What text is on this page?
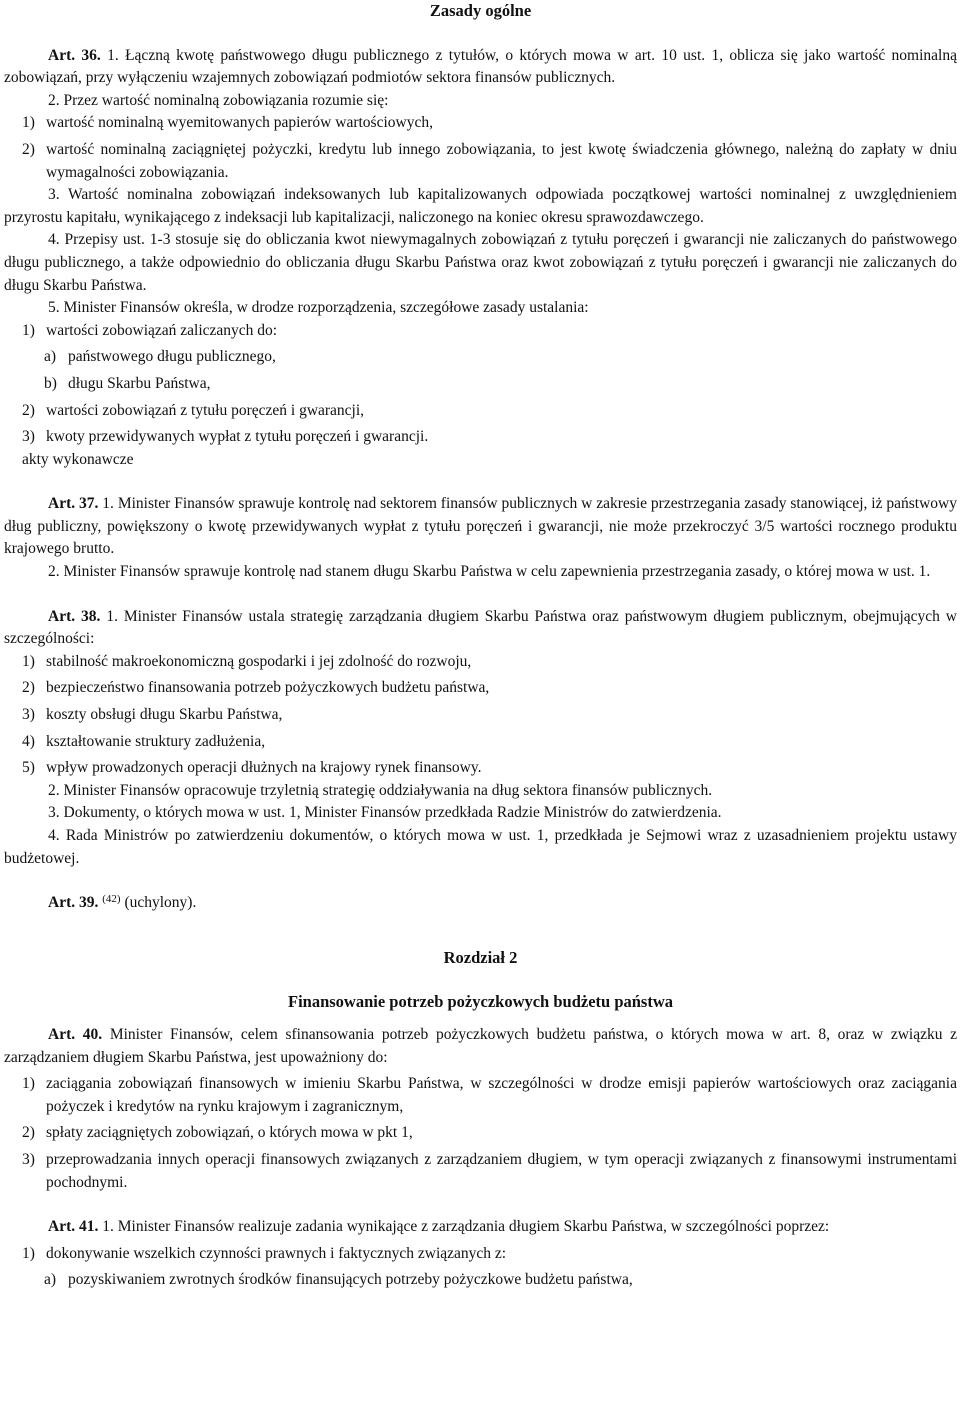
Zasady ogólne

Art. 36. 1. Łączną kwotę państwowego długu publicznego z tytułów, o których mowa w art. 10 ust. 1, oblicza się jako wartość nominalną zobowiązań, przy wyłączeniu wzajemnych zobowiązań podmiotów sektora finansów publicznych.

2. Przez wartość nominalną zobowiązania rozumie się:

1) wartość nominalną wyemitowanych papierów wartościowych,

2) wartość nominalną zaciągniętej pożyczki, kredytu lub innego zobowiązania, to jest kwotę świadczenia głównego, należną do zapłaty w dniu wymagalności zobowiązania.

3. Wartość nominalna zobowiązań indeksowanych lub kapitalizowanych odpowiada początkowej wartości nominalnej z uwzględnieniem przyrostu kapitału, wynikającego z indeksacji lub kapitalizacji, naliczonego na koniec okresu sprawozdawczego.

4. Przepisy ust. 1-3 stosuje się do obliczania kwot niewymagalnych zobowiązań z tytułu poręczeń i gwarancji nie zaliczanych do państwowego długu publicznego, a także odpowiednio do obliczania długu Skarbu Państwa oraz kwot zobowiązań z tytułu poręczeń i gwarancji nie zaliczanych do długu Skarbu Państwa.

5. Minister Finansów określa, w drodze rozporządzenia, szczegółowe zasady ustalania:

1) wartości zobowiązań zaliczanych do:

a) państwowego długu publicznego,

b) długu Skarbu Państwa,

2) wartości zobowiązań z tytułu poręczeń i gwarancji,

3) kwoty przewidywanych wypłat z tytułu poręczeń i gwarancji.

akty wykonawcze

Art. 37. 1. Minister Finansów sprawuje kontrolę nad sektorem finansów publicznych w zakresie przestrzegania zasady stanowiącej, iż państwowy dług publiczny, powiększony o kwotę przewidywanych wypłat z tytułu poręczeń i gwarancji, nie może przekroczyć 3/5 wartości rocznego produktu krajowego brutto.

2. Minister Finansów sprawuje kontrolę nad stanem długu Skarbu Państwa w celu zapewnienia przestrzegania zasady, o której mowa w ust. 1.

Art. 38. 1. Minister Finansów ustala strategię zarządzania długiem Skarbu Państwa oraz państwowym długiem publicznym, obejmujących w szczególności:

1) stabilność makroekonomiczną gospodarki i jej zdolność do rozwoju,

2) bezpieczeństwo finansowania potrzeb pożyczkowych budżetu państwa,

3) koszty obsługi długu Skarbu Państwa,

4) kształtowanie struktury zadłużenia,

5) wpływ prowadzonych operacji dłużnych na krajowy rynek finansowy.

2. Minister Finansów opracowuje trzyletnią strategię oddziaływania na dług sektora finansów publicznych.

3. Dokumenty, o których mowa w ust. 1, Minister Finansów przedkłada Radzie Ministrów do zatwierdzenia.

4. Rada Ministrów po zatwierdzeniu dokumentów, o których mowa w ust. 1, przedkłada je Sejmowi wraz z uzasadnieniem projektu ustawy budżetowej.

Art. 39. $^{(42)}$ (uchylony).

Rozdział 2

Finansowanie potrzeb pożyczkowych budżetu państwa

Art. 40. Minister Finansów, celem sfinansowania potrzeb pożyczkowych budżetu państwa, o których mowa w art. 8, oraz w związku z zarządzaniem długiem Skarbu Państwa, jest upoważniony do:

1) zaciągania zobowiązań finansowych w imieniu Skarbu Państwa, w szczególności w drodze emisji papierów wartościowych oraz zaciągania pożyczek i kredytów na rynku krajowym i zagranicznym,

2) spłaty zaciągniętych zobowiązań, o których mowa w pkt 1,

3) przeprowadzania innych operacji finansowych związanych z zarządzaniem długiem, w tym operacji związanych z finansowymi instrumentami pochodnymi.

Art. 41. 1. Minister Finansów realizuje zadania wynikające z zarządzania długiem Skarbu Państwa, w szczególności poprzez:

1) dokonywanie wszelkich czynności prawnych i faktycznych związanych z:

a) pozyskiwaniem zwrotnych środków finansujących potrzeby pożyczkowe budżetu państwa,
